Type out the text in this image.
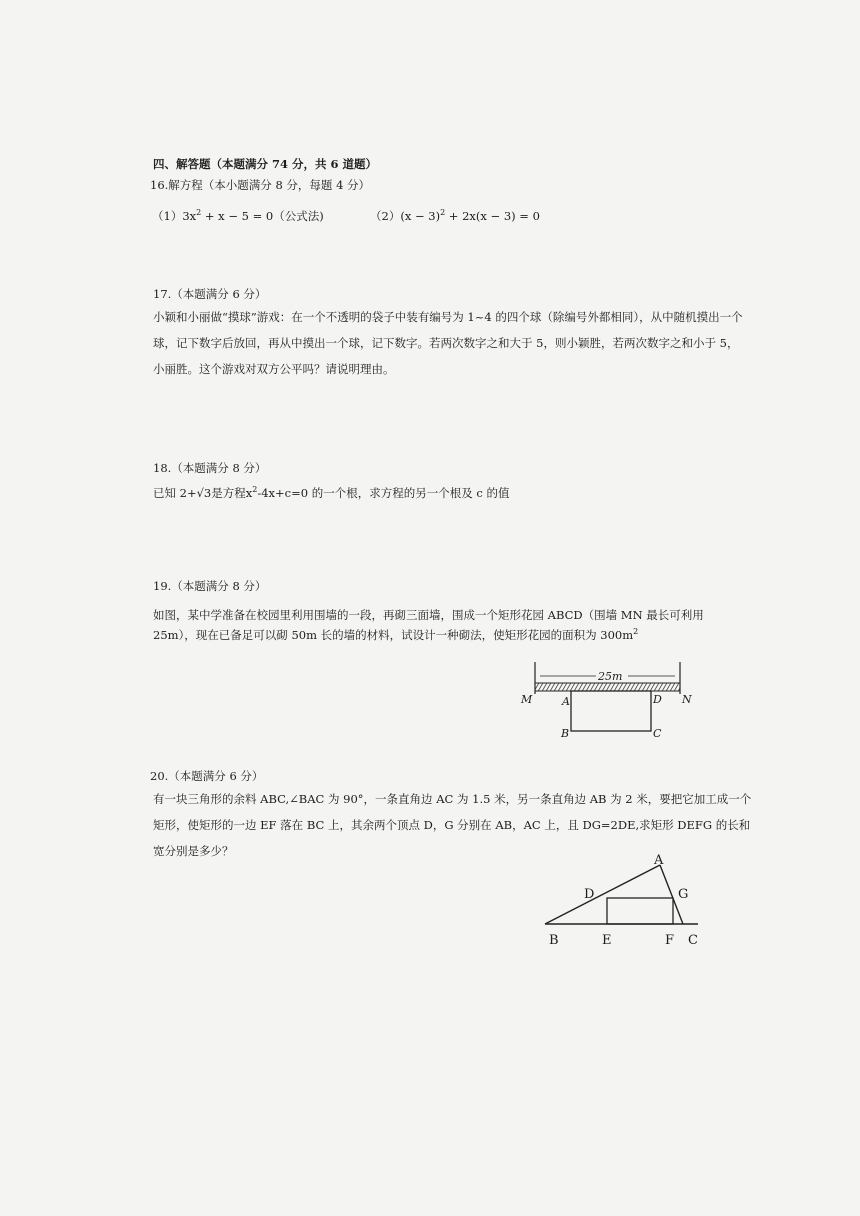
四、解答题（本题满分 74 分，共 6 道题）
16.解方程（本小题满分 8 分，每题 4 分）
$(1)3x^2 + x - 5 = 0$（公式法)	$(2)(x - 3)^2 + 2x(x - 3) = 0$
17.（本题满分 6 分）
小颖和小丽做“摸球”游戏：在一个不透明的袋子中装有编号为 1~4 的四个球（除编号外都相同），从中随机摸出一个球，记下数字后放回，再从中摸出一个球，记下数字。若两次数字之和大于 5，则小颖胜，若两次数字之和小于 5，小丽胜。这个游戏对双方公平吗？请说明理由。
18.（本题满分 8 分）
已知 2+√3是方程$x^2-4x+c=0$ 的一个根，求方程的另一个根及 c 的值
19.（本题满分 8 分）
如图，某中学准备在校园里利用围墙的一段，再砌三面墙，围成一个矩形花园 ABCD（围墙 MN 最长可利用 25m），现在已备足可以砌 50m 长的墙的材料，试设计一种砌法，使矩形花园的面积为 $300m^2$
25m
M	A	D N
B	C
20.（本题满分 6 分）
有一块三角形的余料 ABC,∠BAC 为 90°，一条直角边 AC 为 1.5 米，另一条直角边 AB 为 2 米，要把它加工成一个矩形，使矩形的一边 EF 落在 BC 上，其余两个顶点 D，G 分别在 AB，AC 上，且 DG=2DE,求矩形 DEFG 的长和宽分别是多少？
A
D	G
B	E	F C
